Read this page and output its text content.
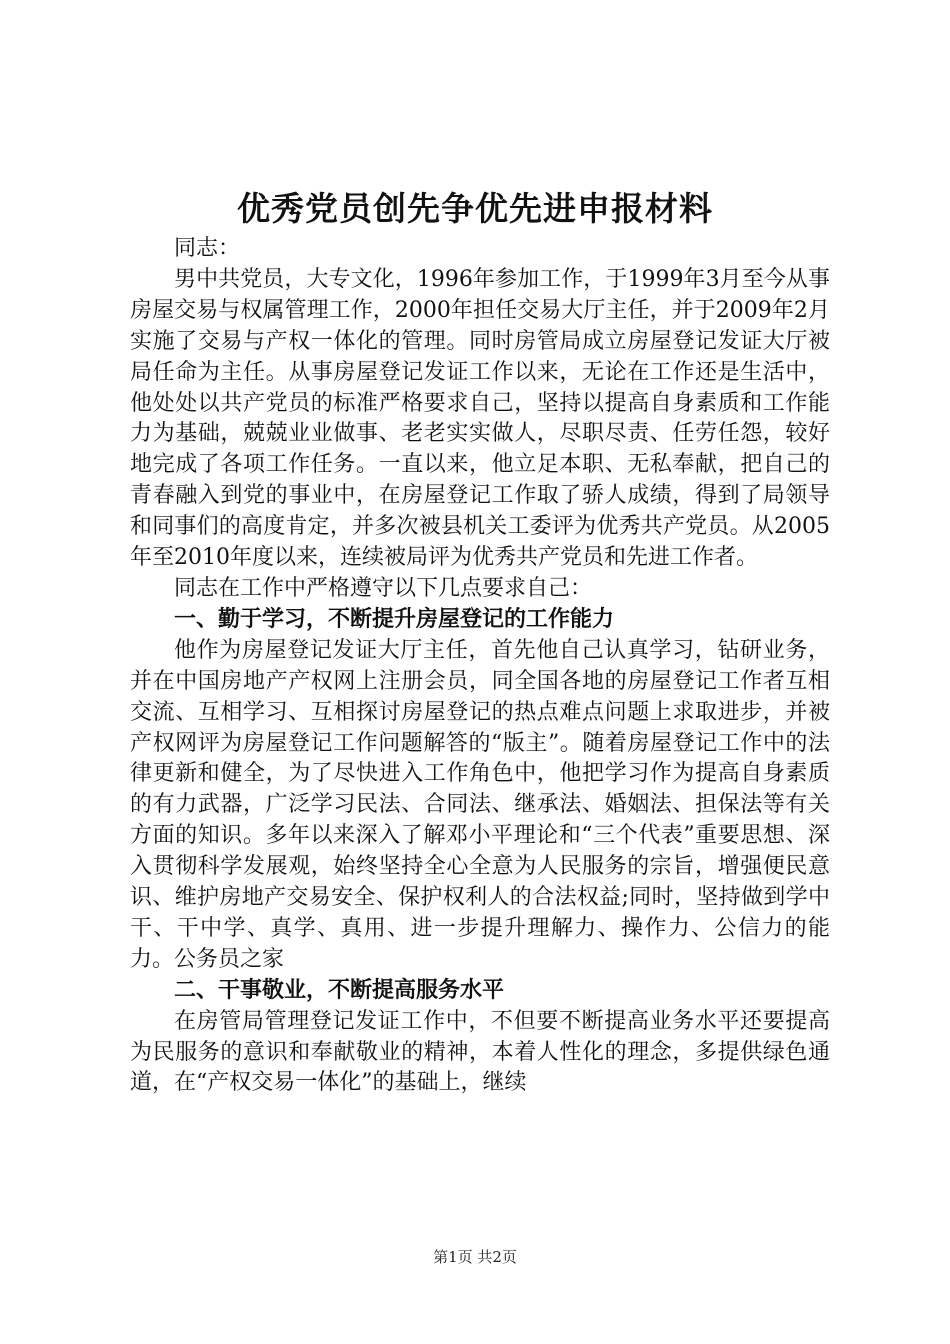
优秀党员创先争优先进申报材料

同志：

男中共党员，大专文化，1996年参加工作，于1999年3月至今从事房屋交易与权属管理工作，2000年担任交易大厅主任，并于2009年2月实施了交易与产权一体化的管理。同时房管局成立房屋登记发证大厅被局任命为主任。从事房屋登记发证工作以来，无论在工作还是生活中，他处处以共产党员的标准严格要求自己，坚持以提高自身素质和工作能力为基础，兢兢业业做事、老老实实做人，尽职尽责、任劳任怨，较好地完成了各项工作任务。一直以来，他立足本职、无私奉献，把自己的青春融入到党的事业中，在房屋登记工作取了骄人成绩，得到了局领导和同事们的高度肯定，并多次被县机关工委评为优秀共产党员。从2005年至2010年度以来，连续被局评为优秀共产党员和先进工作者。

同志在工作中严格遵守以下几点要求自己：

一、勤于学习，不断提升房屋登记的工作能力

他作为房屋登记发证大厅主任，首先他自己认真学习，钻研业务，并在中国房地产产权网上注册会员，同全国各地的房屋登记工作者互相交流、互相学习、互相探讨房屋登记的热点难点问题上求取进步，并被产权网评为房屋登记工作问题解答的“版主”。随着房屋登记工作中的法律更新和健全，为了尽快进入工作角色中，他把学习作为提高自身素质的有力武器，广泛学习民法、合同法、继承法、婚姻法、担保法等有关方面的知识。多年以来深入了解邓小平理论和“三个代表”重要思想、深入贯彻科学发展观，始终坚持全心全意为人民服务的宗旨，增强便民意识、维护房地产交易安全、保护权利人的合法权益;同时，坚持做到学中干、干中学、真学、真用、进一步提升理解力、操作力、公信力的能力。公务员之家

二、干事敬业，不断提高服务水平

在房管局管理登记发证工作中，不但要不断提高业务水平还要提高为民服务的意识和奉献敬业的精神，本着人性化的理念，多提供绿色通道，在“产权交易一体化”的基础上，继续

第1页 共2页
